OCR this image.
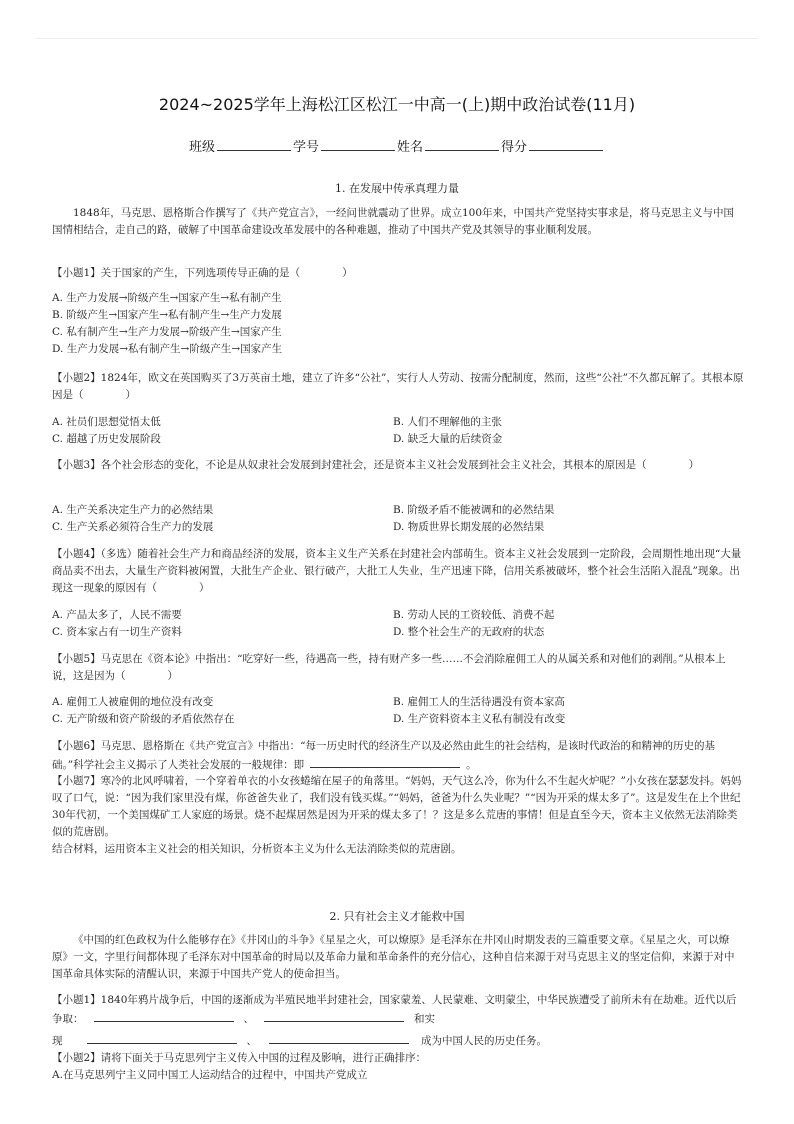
2024~2025学年上海松江区松江一中高一(上)期中政治试卷(11月)
班级	学号	姓名	得分
1. 在发展中传承真理力量
1848年，马克思、恩格斯合作撰写了《共产党宣言》，一经问世就震动了世界。成立100年来，中国共产党坚持实事求是，将马克思主义与中国国情相结合，走自己的路，破解了中国革命建设改革发展中的各种难题，推动了中国共产党及其领导的事业顺利发展。
【小题1】关于国家的产生，下列选项传导正确的是（　　　　）
A. 生产力发展→阶级产生→国家产生→私有制产生
B. 阶级产生→国家产生→私有制产生→生产力发展
C. 私有制产生→生产力发展→阶级产生→国家产生
D. 生产力发展→私有制产生→阶级产生→国家产生
【小题2】1824年，欧文在英国购买了3万英亩土地，建立了许多“公社”，实行人人劳动、按需分配制度，然而，这些“公社”不久都瓦解了。其根本原因是（　　　　）
A. 社员们思想觉悟太低	B. 人们不理解他的主张
C. 超越了历史发展阶段	D. 缺乏大量的后续资金
【小题3】各个社会形态的变化，不论是从奴隶社会发展到封建社会，还是资本主义社会发展到社会主义社会，其根本的原因是（　　　　）
A. 生产关系决定生产力的必然结果	B. 阶级矛盾不能被调和的必然结果
C. 生产关系必须符合生产力的发展	D. 物质世界长期发展的必然结果
【小题4】（多选）随着社会生产力和商品经济的发展，资本主义生产关系在封建社会内部萌生。资本主义社会发展到一定阶段，会周期性地出现“大量商品卖不出去，大量生产资料被闲置，大批生产企业、银行破产，大批工人失业，生产迅速下降，信用关系被破坏，整个社会生活陷入混乱”现象。出现这一现象的原因有（　　　　）
A. 产品太多了，人民不需要	B. 劳动人民的工资较低、消费不起
C. 资本家占有一切生产资料	D. 整个社会生产的无政府的状态
【小题5】马克思在《资本论》中指出：“吃穿好一些，待遇高一些，持有财产多一些……不会消除雇佣工人的从属关系和对他们的剥削。”从根本上说，这是因为（　　　　）
A. 雇佣工人被雇佣的地位没有改变	B. 雇佣工人的生活待遇没有资本家高
C. 无产阶级和资产阶级的矛盾依然存在	D. 生产资料资本主义私有制没有改变
【小题6】马克思、恩格斯在《共产党宣言》中指出：“每一历史时代的经济生产以及必然由此生的社会结构，是该时代政治的和精神的历史的基础。”科学社会主义揭示了人类社会发展的一般规律：即	。
【小题7】寒冷的北风呼啸着，一个穿着单衣的小女孩蜷缩在屋子的角落里。“妈妈，天气这么冷，你为什么不生起火炉呢？”小女孩在瑟瑟发抖。妈妈叹了口气，说：“因为我们家里没有煤，你爸爸失业了，我们没有钱买煤。”“妈妈，爸爸为什么失业呢？”“因为开采的煤太多了”。这是发生在上个世纪30年代初，一个美国煤矿工人家庭的场景。烧不起煤居然是因为开采的煤太多了！？这是多么荒唐的事情！但是直至今天，资本主义依然无法消除类似的荒唐剧。
结合材料，运用资本主义社会的相关知识，分析资本主义为什么无法消除类似的荒唐剧。
2. 只有社会主义才能救中国
《中国的红色政权为什么能够存在》《井冈山的斗争》《星星之火，可以燎原》是毛泽东在井冈山时期发表的三篇重要文章。《星星之火，可以燎原》一文，字里行间都体现了毛泽东对中国革命的时局以及革命力量和革命条件的充分信心，这种自信来源于对马克思主义的坚定信仰，来源于对中国革命具体实际的清醒认识，来源于中国共产党人的使命担当。
【小题1】1840年鸦片战争后，中国的逐渐成为半殖民地半封建社会，国家蒙羞、人民蒙难、文明蒙尘，中华民族遭受了前所未有在劫难。近代以后争取：	、	和实
现	、	成为中国人民的历史任务。
【小题2】请将下面关于马克思列宁主义传入中国的过程及影响，进行正确排序：
A.在马克思列宁主义同中国工人运动结合的过程中，中国共产党成立
